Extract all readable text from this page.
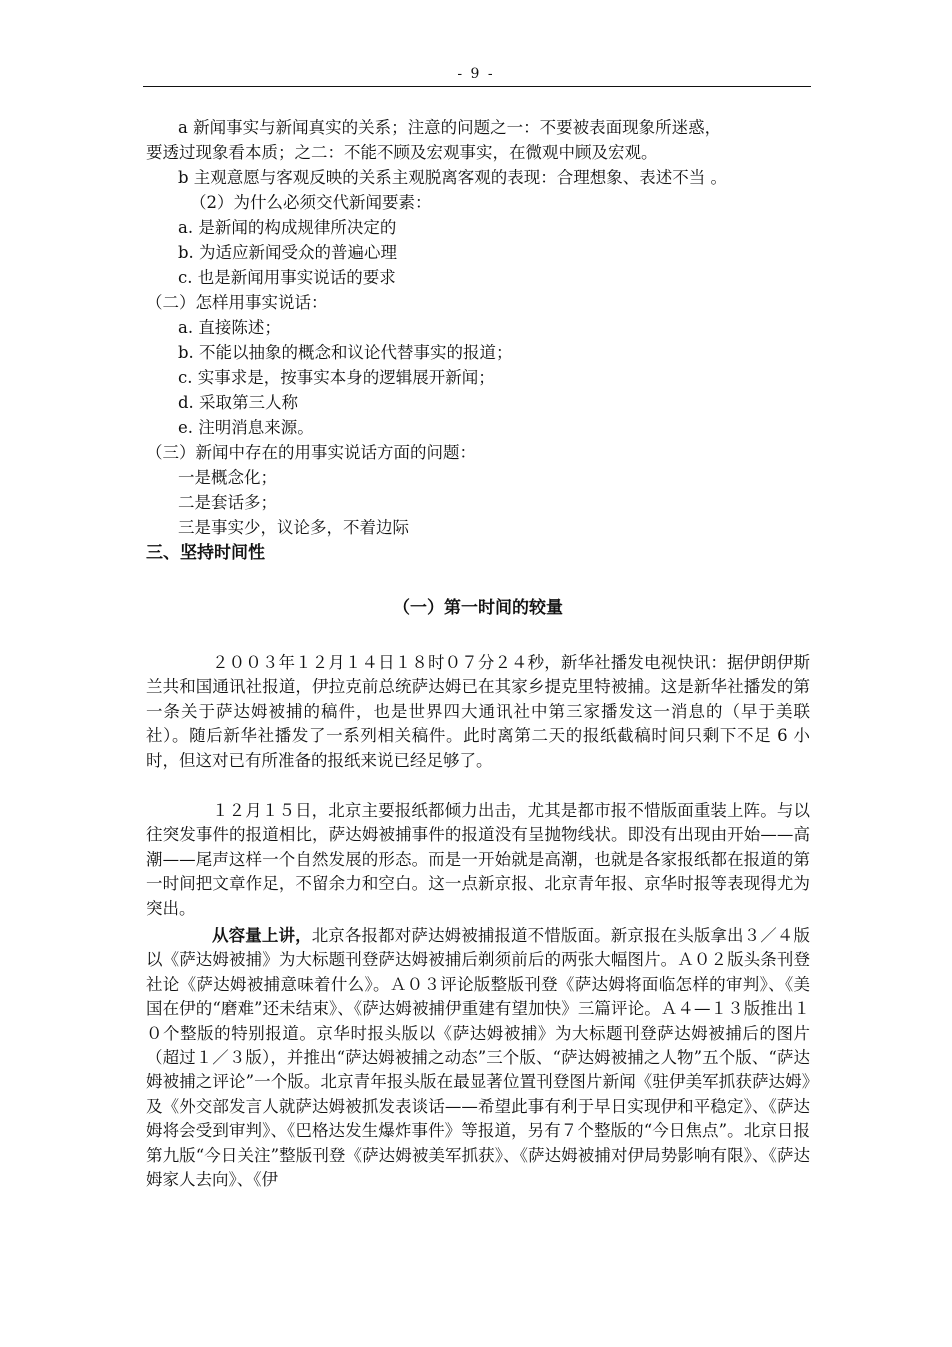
- 9 -
a 新闻事实与新闻真实的关系；注意的问题之一：不要被表面现象所迷惑，
要透过现象看本质；之二：不能不顾及宏观事实，在微观中顾及宏观。
b 主观意愿与客观反映的关系主观脱离客观的表现：合理想象、表述不当 。
（2）为什么必须交代新闻要素：
a. 是新闻的构成规律所决定的
b. 为适应新闻受众的普遍心理
c. 也是新闻用事实说话的要求
（二）怎样用事实说话：
a. 直接陈述；
b. 不能以抽象的概念和议论代替事实的报道；
c. 实事求是，按事实本身的逻辑展开新闻；
d. 采取第三人称
e. 注明消息来源。
（三）新闻中存在的用事实说话方面的问题：
一是概念化；
二是套话多；
三是事实少，议论多，不着边际
三、坚持时间性
（一）第一时间的较量
２００３年１２月１４日１８时０７分２４秒，新华社播发电视快讯：据伊朗伊斯兰共和国通讯社报道，伊拉克前总统萨达姆已在其家乡提克里特被捕。这是新华社播发的第一条关于萨达姆被捕的稿件，也是世界四大通讯社中第三家播发这一消息的（早于美联社）。随后新华社播发了一系列相关稿件。此时离第二天的报纸截稿时间只剩下不足 6 小时，但这对已有所准备的报纸来说已经足够了。
１２月１５日，北京主要报纸都倾力出击，尤其是都市报不惜版面重装上阵。与以往突发事件的报道相比，萨达姆被捕事件的报道没有呈抛物线状。即没有出现由开始——高潮——尾声这样一个自然发展的形态。而是一开始就是高潮，也就是各家报纸都在报道的第一时间把文章作足，不留余力和空白。这一点新京报、北京青年报、京华时报等表现得尤为突出。
从容量上讲，北京各报都对萨达姆被捕报道不惜版面。新京报在头版拿出３／４版以《萨达姆被捕》为大标题刊登萨达姆被捕后剃须前后的两张大幅图片。Ａ０２版头条刊登社论《萨达姆被捕意味着什么》。Ａ０３评论版整版刊登《萨达姆将面临怎样的审判》、《美国在伊的“磨难”还未结束》、《萨达姆被捕伊重建有望加快》三篇评论。Ａ４—１３版推出１０个整版的特别报道。京华时报头版以《萨达姆被捕》为大标题刊登萨达姆被捕后的图片（超过１／３版），并推出“萨达姆被捕之动态”三个版、“萨达姆被捕之人物”五个版、“萨达姆被捕之评论”一个版。北京青年报头版在最显著位置刊登图片新闻《驻伊美军抓获萨达姆》及《外交部发言人就萨达姆被抓发表谈话——希望此事有利于早日实现伊和平稳定》、《萨达姆将会受到审判》、《巴格达发生爆炸事件》等报道，另有７个整版的“今日焦点”。北京日报第九版“今日关注”整版刊登《萨达姆被美军抓获》、《萨达姆被捕对伊局势影响有限》、《萨达姆家人去向》、《伊
